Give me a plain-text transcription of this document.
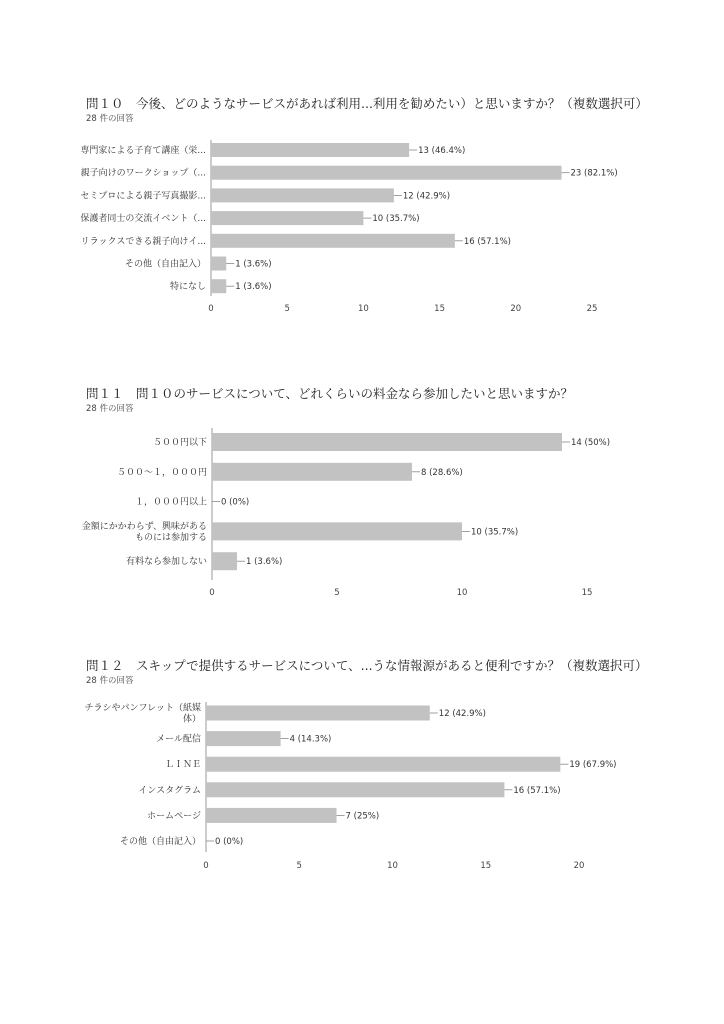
問１０　今後、どのようなサービスがあれば利用...利用を勧めたい）と思いますか？（複数選択可）
28 件の回答
0	5	10	15	20	25
13 (46.4%)
専門家による子育て講座（栄...
23 (82.1%)
親子向けのワークショップ（...
12 (42.9%)
セミプロによる親子写真撮影...
10 (35.7%)
保護者同士の交流イベント（...
16 (57.1%)
リラックスできる親子向けイ...
1 (3.6%)
その他（自由記入）
1 (3.6%)
特になし
問１１　問１０のサービスについて、どれくらいの料金なら参加したいと思いますか？
28 件の回答
0	5	10	15
14 (50%)
５００円以下
8 (28.6%)
５００～１，０００円
0 (0%)
１，０００円以上
10 (35.7%)
金額にかかわらず、興味がある
ものには参加する
1 (3.6%)
有料なら参加しない
問１２　スキップで提供するサービスについて、...うな情報源があると便利ですか？（複数選択可）
28 件の回答
0	5	10	15	20
12 (42.9%)
チラシやパンフレット（紙媒
体）
4 (14.3%)
メール配信
19 (67.9%)
ＬＩＮＥ
16 (57.1%)
インスタグラム
7 (25%)
ホームページ
0 (0%)
その他（自由記入）
